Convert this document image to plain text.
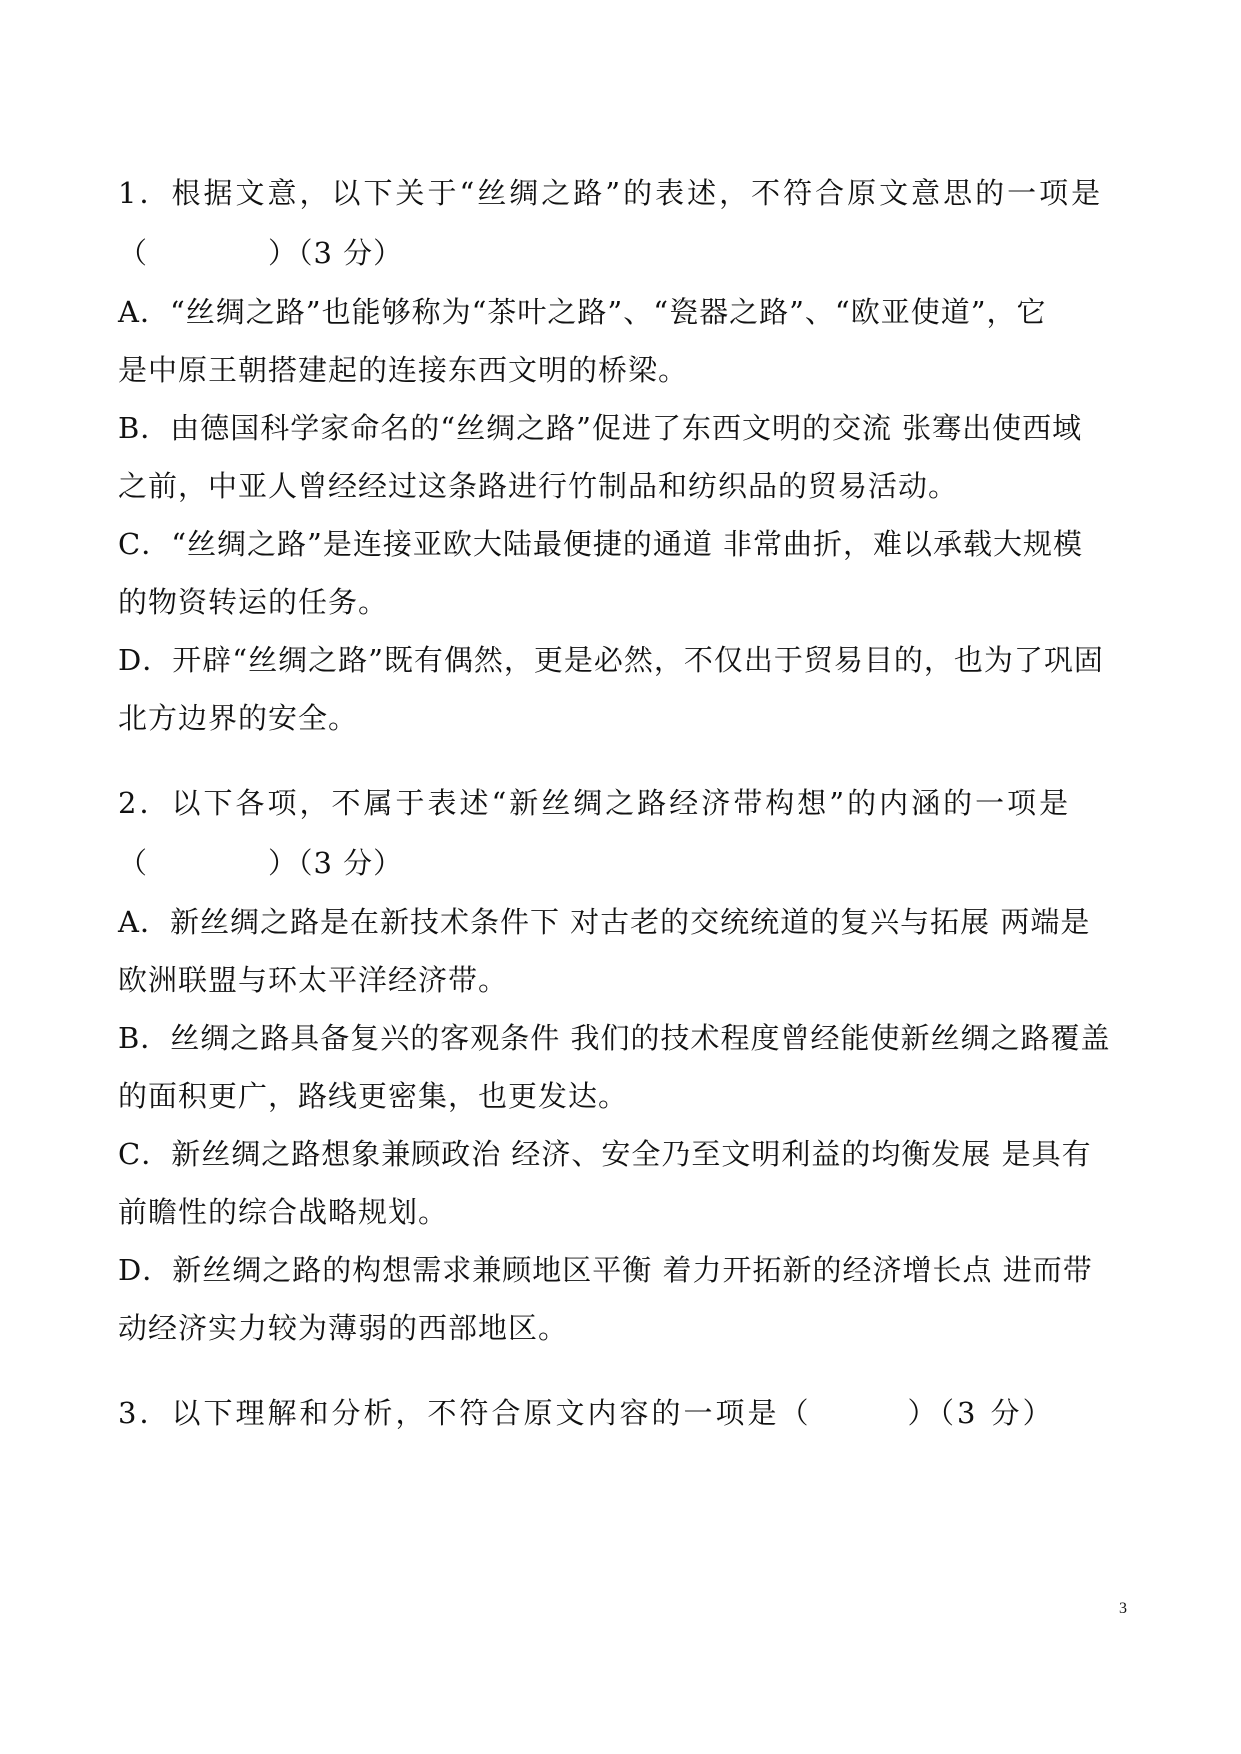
1．根据文意，以下关于“丝绸之路”的表述，不符合原文意思的一项是
（　　　　）（3 分）
A．“丝绸之路”也能够称为“茶叶之路”、“瓷器之路”、“欧亚使道”，它
是中原王朝搭建起的连接东西文明的桥梁。
B．由德国科学家命名的“丝绸之路”促进了东西文明的交流 张骞出使西域
之前，中亚人曾经经过这条路进行竹制品和纺织品的贸易活动。
C．“丝绸之路”是连接亚欧大陆最便捷的通道 非常曲折，难以承载大规模
的物资转运的任务。
D．开辟“丝绸之路”既有偶然，更是必然，不仅出于贸易目的，也为了巩固
北方边界的安全。
2．以下各项，不属于表述“新丝绸之路经济带构想”的内涵的一项是
（　　　　）（3 分）
A．新丝绸之路是在新技术条件下 对古老的交统统道的复兴与拓展 两端是
欧洲联盟与环太平洋经济带。
B．丝绸之路具备复兴的客观条件 我们的技术程度曾经能使新丝绸之路覆盖
的面积更广，路线更密集，也更发达。
C．新丝绸之路想象兼顾政治 经济、安全乃至文明利益的均衡发展 是具有
前瞻性的综合战略规划。
D．新丝绸之路的构想需求兼顾地区平衡 着力开拓新的经济增长点 进而带
动经济实力较为薄弱的西部地区。
3．以下理解和分析，不符合原文内容的一项是（　　　）（3 分）
3
